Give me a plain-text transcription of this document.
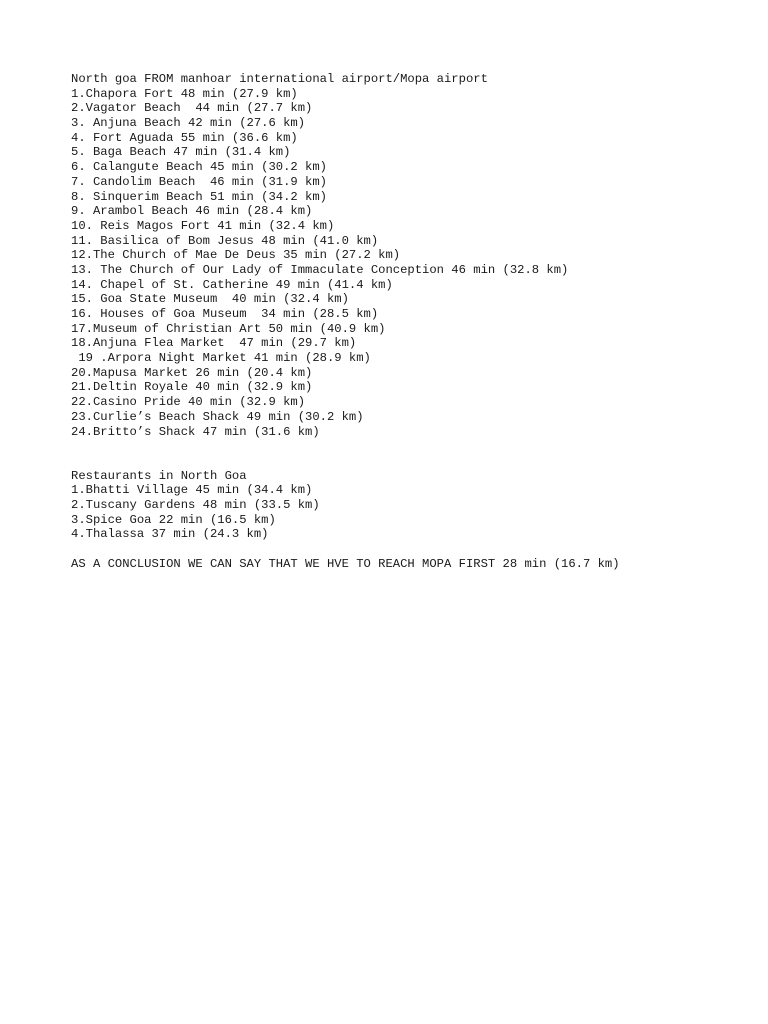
North goa FROM manhoar international airport/Mopa airport

1.Chapora Fort 48 min (27.9 km)

2.Vagator Beach  44 min (27.7 km)

3. Anjuna Beach 42 min (27.6 km)

4. Fort Aguada 55 min (36.6 km)

5. Baga Beach 47 min (31.4 km)

6. Calangute Beach 45 min (30.2 km)

7. Candolim Beach  46 min (31.9 km)

8. Sinquerim Beach 51 min (34.2 km)

9. Arambol Beach 46 min (28.4 km)

10. Reis Magos Fort 41 min (32.4 km)

11. Basilica of Bom Jesus 48 min (41.0 km)

12.The Church of Mae De Deus 35 min (27.2 km)

13. The Church of Our Lady of Immaculate Conception 46 min (32.8 km)

14. Chapel of St. Catherine 49 min (41.4 km)

15. Goa State Museum  40 min (32.4 km)

16. Houses of Goa Museum  34 min (28.5 km)

17.Museum of Christian Art 50 min (40.9 km)

18.Anjuna Flea Market  47 min (29.7 km)

19 .Arpora Night Market 41 min (28.9 km)

20.Mapusa Market 26 min (20.4 km)

21.Deltin Royale 40 min (32.9 km)

22.Casino Pride 40 min (32.9 km)

23.Curlie’s Beach Shack 49 min (30.2 km)

24.Britto’s Shack 47 min (31.6 km)

Restaurants in North Goa

1.Bhatti Village 45 min (34.4 km)

2.Tuscany Gardens 48 min (33.5 km)

3.Spice Goa 22 min (16.5 km)

4.Thalassa 37 min (24.3 km)

AS A CONCLUSION WE CAN SAY THAT WE HVE TO REACH MOPA FIRST 28 min (16.7 km)
